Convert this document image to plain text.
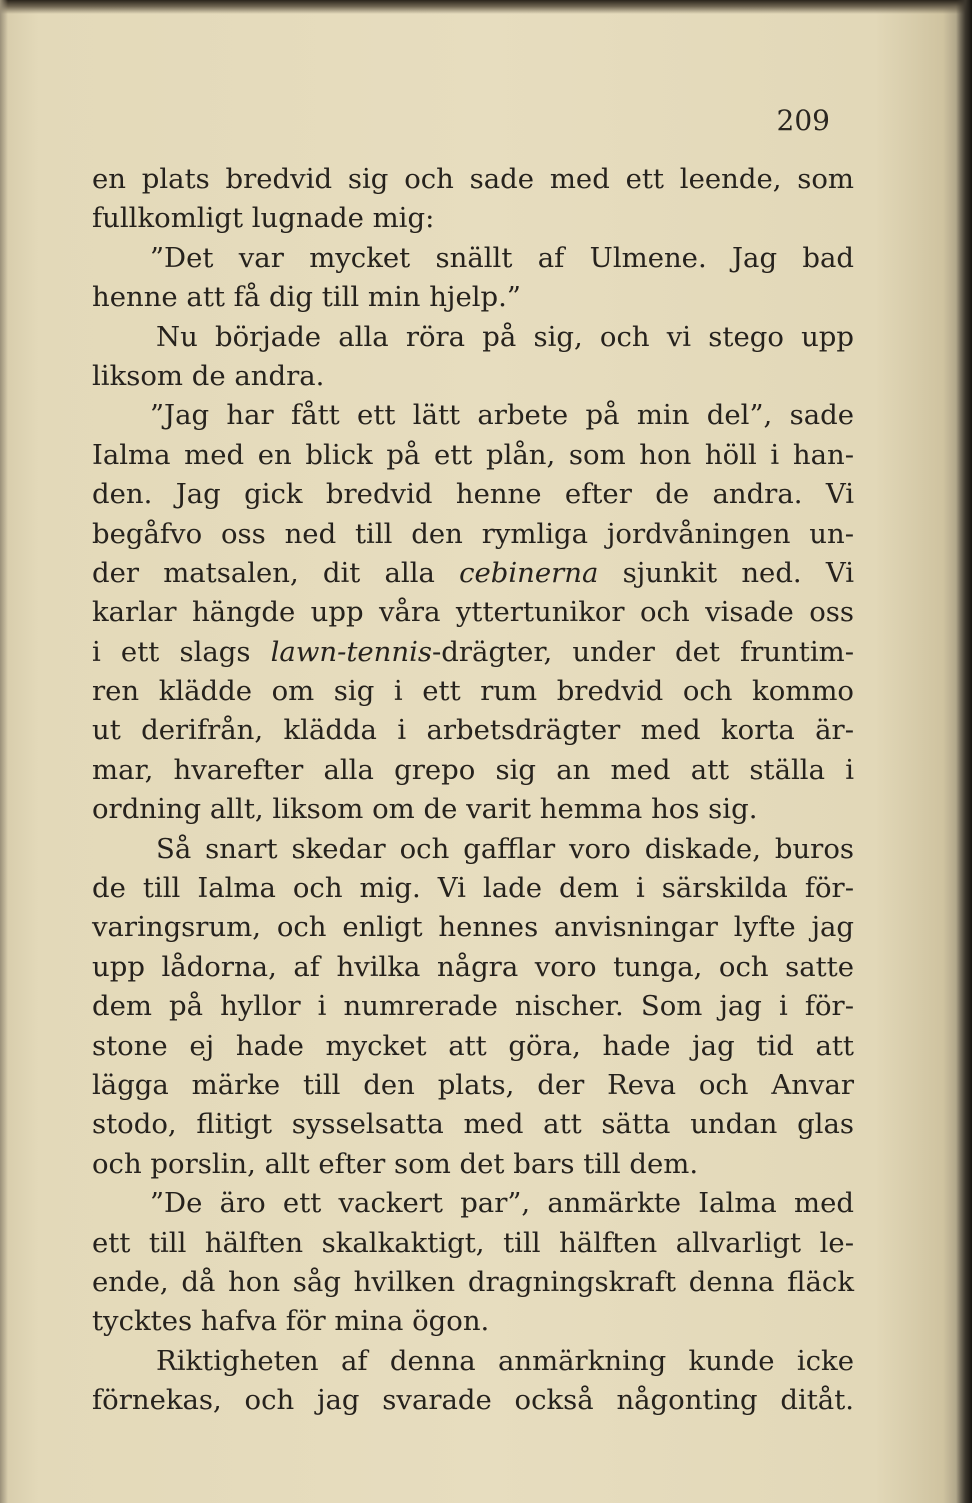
209
en plats bredvid sig och sade med ett leende, som
fullkomligt lugnade mig:
”Det var mycket snällt af Ulmene. Jag bad
henne att få dig till min hjelp.”
Nu började alla röra på sig, och vi stego upp
liksom de andra.
”Jag har fått ett lätt arbete på min del”, sade
Ialma med en blick på ett plån, som hon höll i han-
den. Jag gick bredvid henne efter de andra. Vi
begåfvo oss ned till den rymliga jordvåningen un-
der matsalen, dit alla cebinerna sjunkit ned. Vi
karlar hängde upp våra yttertunikor och visade oss
i ett slags lawn-tennis-drägter, under det fruntim-
ren klädde om sig i ett rum bredvid och kommo
ut derifrån, klädda i arbetsdrägter med korta är-
mar, hvarefter alla grepo sig an med att ställa i
ordning allt, liksom om de varit hemma hos sig.
Så snart skedar och gafflar voro diskade, buros
de till Ialma och mig. Vi lade dem i särskilda för-
varingsrum, och enligt hennes anvisningar lyfte jag
upp lådorna, af hvilka några voro tunga, och satte
dem på hyllor i numrerade nischer. Som jag i för-
stone ej hade mycket att göra, hade jag tid att
lägga märke till den plats, der Reva och Anvar
stodo, flitigt sysselsatta med att sätta undan glas
och porslin, allt efter som det bars till dem.
”De äro ett vackert par”, anmärkte Ialma med
ett till hälften skalkaktigt, till hälften allvarligt le-
ende, då hon såg hvilken dragningskraft denna fläck
tycktes hafva för mina ögon.
Riktigheten af denna anmärkning kunde icke
förnekas, och jag svarade också någonting ditåt.
